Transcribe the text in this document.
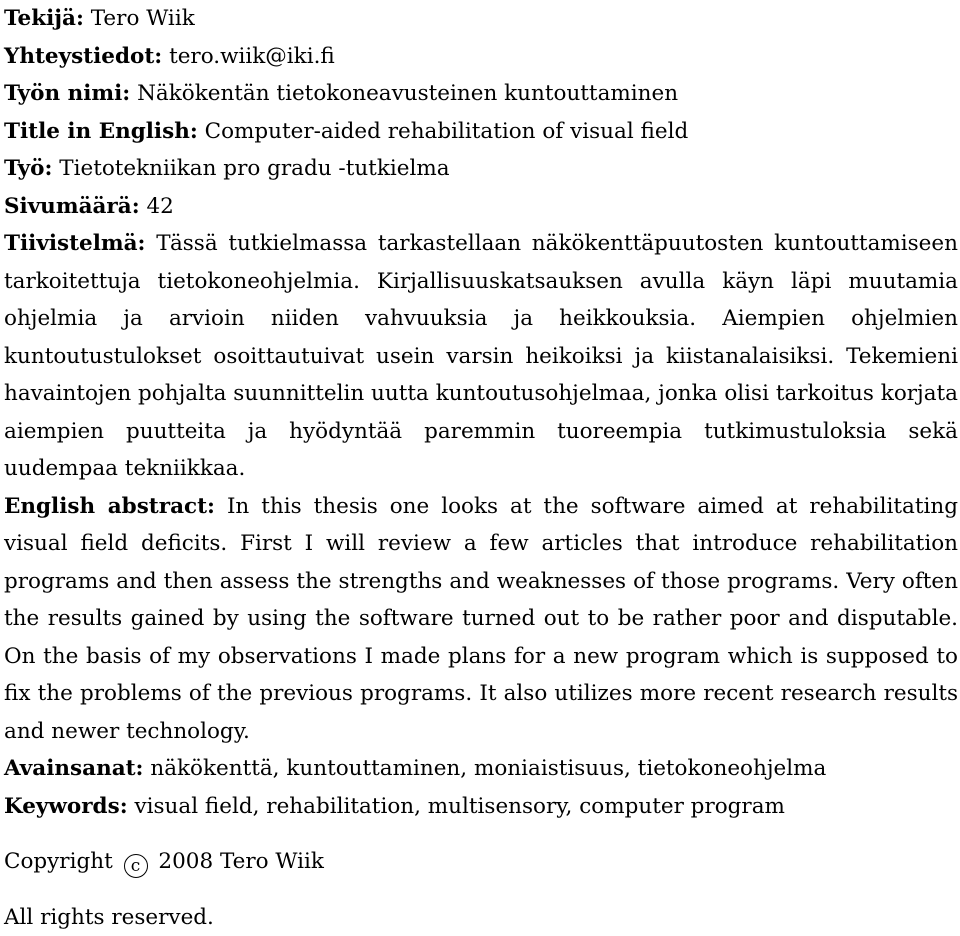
Tekijä: Tero Wiik
Yhteystiedot: tero.wiik@iki.fi
Työn nimi: Näkökentän tietokoneavusteinen kuntouttaminen
Title in English: Computer-aided rehabilitation of visual field
Työ: Tietotekniikan pro gradu -tutkielma
Sivumäärä: 42

Tiivistelmä: Tässä tutkielmassa tarkastellaan näkökenttäpuutosten kuntouttamiseen tarkoitettuja tietokoneohjelmia. Kirjallisuuskatsauksen avulla käyn läpi muutamia ohjelmia ja arvioin niiden vahvuuksia ja heikkouksia. Aiempien ohjelmien kuntoutustulokset osoittautuivat usein varsin heikoiksi ja kiistanalaisiksi. Tekemieni havaintojen pohjalta suunnittelin uutta kuntoutusohjelmaa, jonka olisi tarkoitus korjata aiempien puutteita ja hyödyntää paremmin tuoreempia tutkimustuloksia sekä uudempaa tekniikkaa.

English abstract: In this thesis one looks at the software aimed at rehabilitating visual field deficits. First I will review a few articles that introduce rehabilitation programs and then assess the strengths and weaknesses of those programs. Very often the results gained by using the software turned out to be rather poor and disputable. On the basis of my observations I made plans for a new program which is supposed to fix the problems of the previous programs. It also utilizes more recent research results and newer technology.

Avainsanat: näkökenttä, kuntouttaminen, moniaistisuus, tietokoneohjelma
Keywords: visual field, rehabilitation, multisensory, computer program
Copyright c 2008 Tero Wiik
All rights reserved.
